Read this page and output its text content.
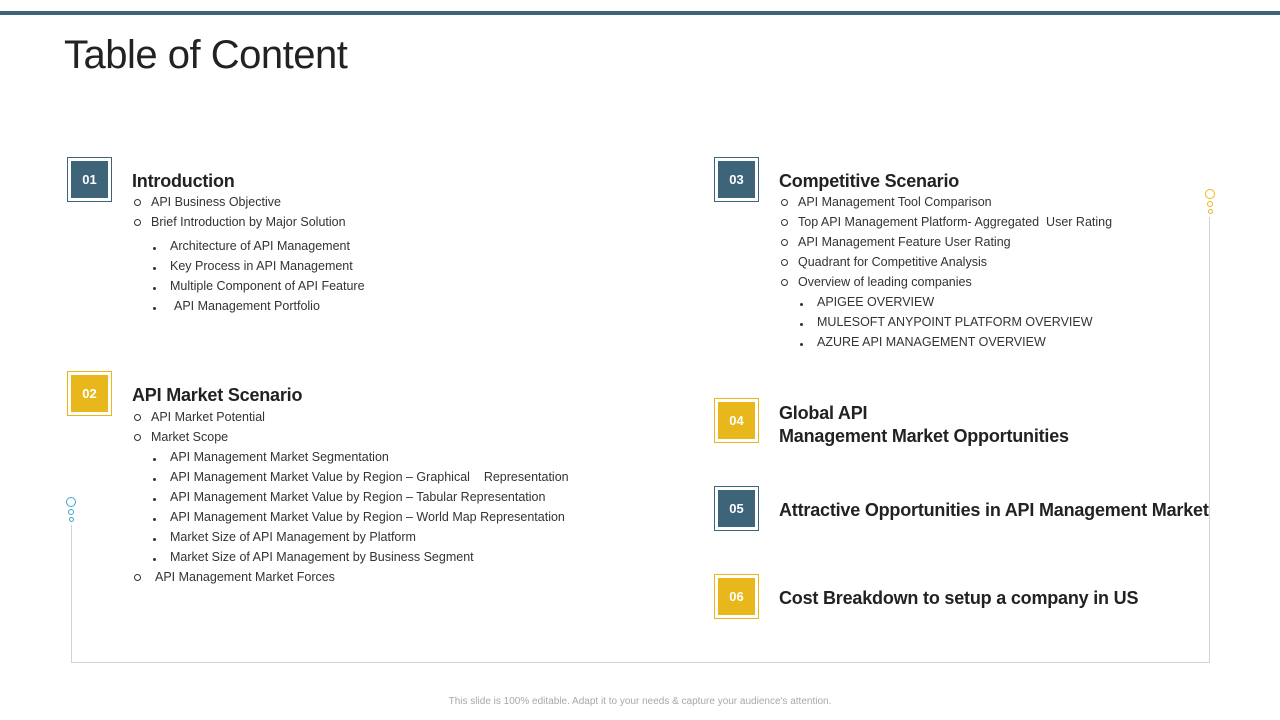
Table of Content
01	Introduction
API Business Objective
Brief Introduction by Major Solution
Architecture of API Management
Key Process in API Management
Multiple Component of API Feature
API Management Portfolio
02	API Market Scenario
API Market Potential
Market Scope
API Management Market Segmentation
API Management Market Value by Region – Graphical    Representation
API Management Market Value by Region – Tabular Representation
API Management Market Value by Region – World Map Representation
Market Size of API Management by Platform
Market Size of API Management by Business Segment
API Management Market Forces
03	Competitive Scenario
API Management Tool Comparison
Top API Management Platform- Aggregated  User Rating
API Management Feature User Rating
Quadrant for Competitive Analysis
Overview of leading companies
APIGEE OVERVIEW
MULESOFT ANYPOINT PLATFORM OVERVIEW
AZURE API MANAGEMENT OVERVIEW
04	Global API
Management Market Opportunities
05	Attractive Opportunities in API Management Market
06	Cost Breakdown to setup a company in US
This slide is 100% editable. Adapt it to your needs & capture your audience's attention.
